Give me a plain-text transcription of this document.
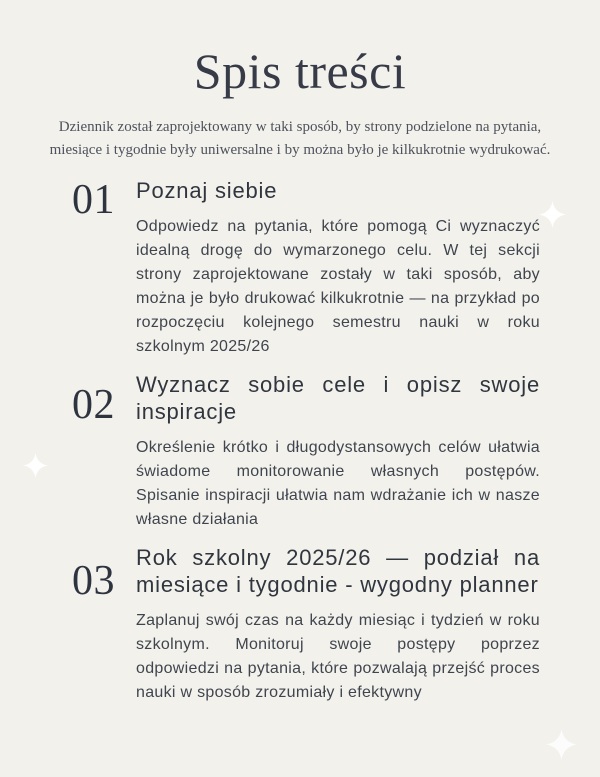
Spis treści

Dziennik został zaprojektowany w taki sposób, by strony podzielone na pytania, miesiące i tygodnie były uniwersalne i by można było je kilkukrotnie wydrukować.

01 Poznaj siebie

Odpowiedz na pytania, które pomogą Ci wyznaczyć idealną drogę do wymarzonego celu. W tej sekcji strony zaprojektowane zostały w taki sposób, aby można je było drukować kilkukrotnie — na przykład po rozpoczęciu kolejnego semestru nauki w roku szkolnym 2025/26

02 Wyznacz sobie cele i opisz swoje inspiracje

Określenie krótko i długodystansowych celów ułatwia świadome monitorowanie własnych postępów. Spisanie inspiracji ułatwia nam wdrażanie ich w nasze własne działania

03
Rok szkolny 2025/26 — podział na miesiące i tygodnie - wygodny planner

Zaplanuj swój czas na każdy miesiąc i tydzień w roku szkolnym. Monitoruj swoje postępy poprzez odpowiedzi na pytania, które pozwalają przejść proces nauki w sposób zrozumiały i efektywny
